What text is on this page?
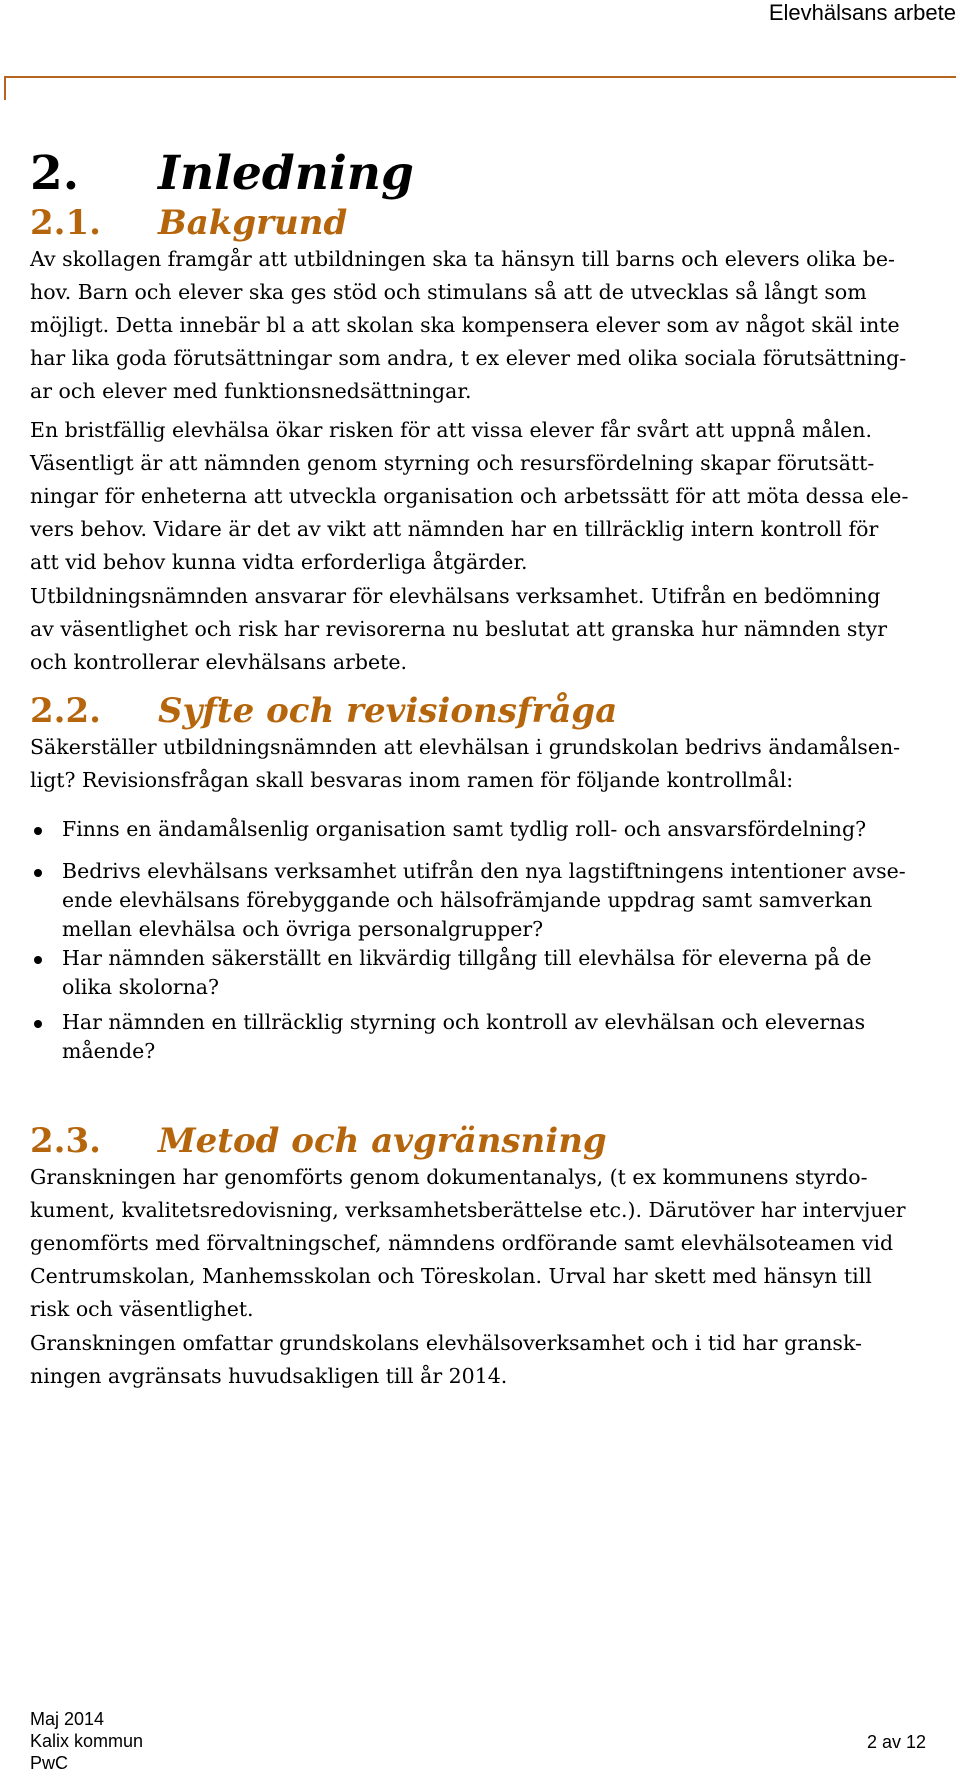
Elevhälsans arbete
2. Inledning
2.1. Bakgrund

Av skollagen framgår att utbildningen ska ta hänsyn till barns och elevers olika be-
hov. Barn och elever ska ges stöd och stimulans så att de utvecklas så långt som
möjligt. Detta innebär bl a att skolan ska kompensera elever som av något skäl inte
har lika goda förutsättningar som andra, t ex elever med olika sociala förutsättning-
ar och elever med funktionsnedsättningar.

En bristfällig elevhälsa ökar risken för att vissa elever får svårt att uppnå målen.
Väsentligt är att nämnden genom styrning och resursfördelning skapar förutsätt-
ningar för enheterna att utveckla organisation och arbetssätt för att möta dessa ele-
vers behov. Vidare är det av vikt att nämnden har en tillräcklig intern kontroll för
att vid behov kunna vidta erforderliga åtgärder.

Utbildningsnämnden ansvarar för elevhälsans verksamhet. Utifrån en bedömning
av väsentlighet och risk har revisorerna nu beslutat att granska hur nämnden styr
och kontrollerar elevhälsans arbete.

2.2. Syfte och revisionsfråga

Säkerställer utbildningsnämnden att elevhälsan i grundskolan bedrivs ändamålsen-
ligt? Revisionsfrågan skall besvaras inom ramen för följande kontrollmål:

Finns en ändamålsenlig organisation samt tydlig roll- och ansvarsfördelning?
Bedrivs elevhälsans verksamhet utifrån den nya lagstiftningens intentioner avse-
ende elevhälsans förebyggande och hälsofrämjande uppdrag samt samverkan
mellan elevhälsa och övriga personalgrupper?
Har nämnden säkerställt en likvärdig tillgång till elevhälsa för eleverna på de
olika skolorna?
Har nämnden en tillräcklig styrning och kontroll av elevhälsan och elevernas
mående?
2.3. Metod och avgränsning

Granskningen har genomförts genom dokumentanalys, (t ex kommunens styrdo-
kument, kvalitetsredovisning, verksamhetsberättelse etc.). Därutöver har intervjuer
genomförts med förvaltningschef, nämndens ordförande samt elevhälsoteamen vid
Centrumskolan, Manhemsskolan och Töreskolan. Urval har skett med hänsyn till
risk och väsentlighet.

Granskningen omfattar grundskolans elevhälsoverksamhet och i tid har gransk-
ningen avgränsats huvudsakligen till år 2014.

Maj 2014
Kalix kommun
PwC
2 av 12
